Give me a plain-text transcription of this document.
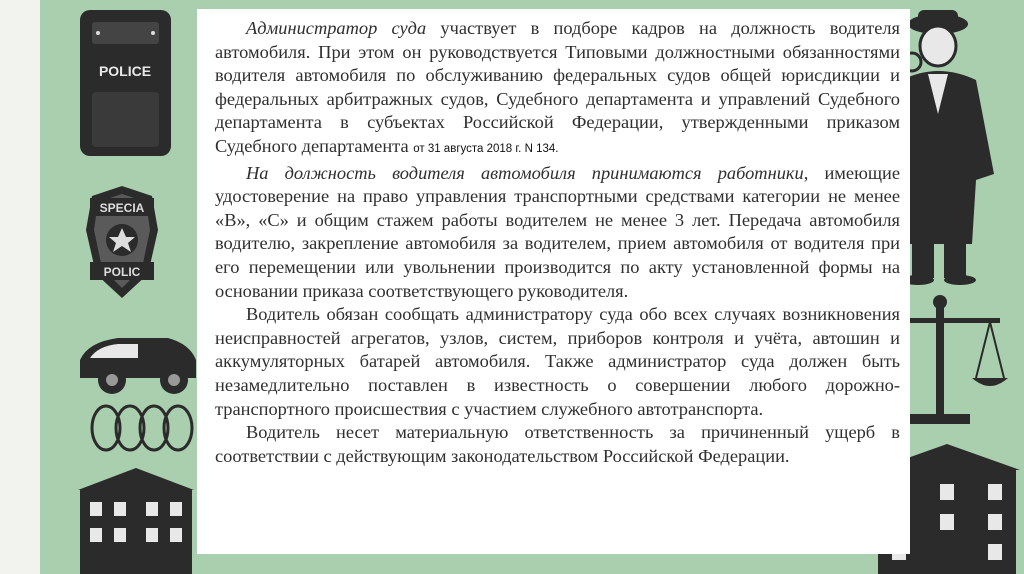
POLICE
SPECIA
POLIC

Администратор суда участвует в подборе кадров на должность водителя автомобиля. При этом он руководствуется Типовыми должностными обязанностями водителя автомобиля по обслуживанию федеральных судов общей юрисдикции и федеральных арбитражных судов, Судебного департамента и управлений Судебного департамента в субъектах Российской Федерации, утвержденными приказом Судебного департамента от 31 августа 2018 г. N 134.

На должность водителя автомобиля принимаются работники, имеющие удостоверение на право управления транспортными средствами категории не менее «В», «С» и общим стажем работы водителем не менее 3 лет. Передача автомобиля водителю, закрепление автомобиля за водителем, прием автомобиля от водителя при его перемещении или увольнении производится по акту установленной формы на основании приказа соответствующего руководителя.

Водитель обязан сообщать администратору суда обо всех случаях возникновения неисправностей агрегатов, узлов, систем, приборов контроля и учёта, автошин и аккумуляторных батарей автомобиля. Также администратор суда должен быть незамедлительно поставлен в известность о совершении любого дорожно-транспортного происшествия с участием служебного автотранспорта.

Водитель несет материальную ответственность за причиненный ущерб в соответствии с действующим законодательством Российской Федерации.
